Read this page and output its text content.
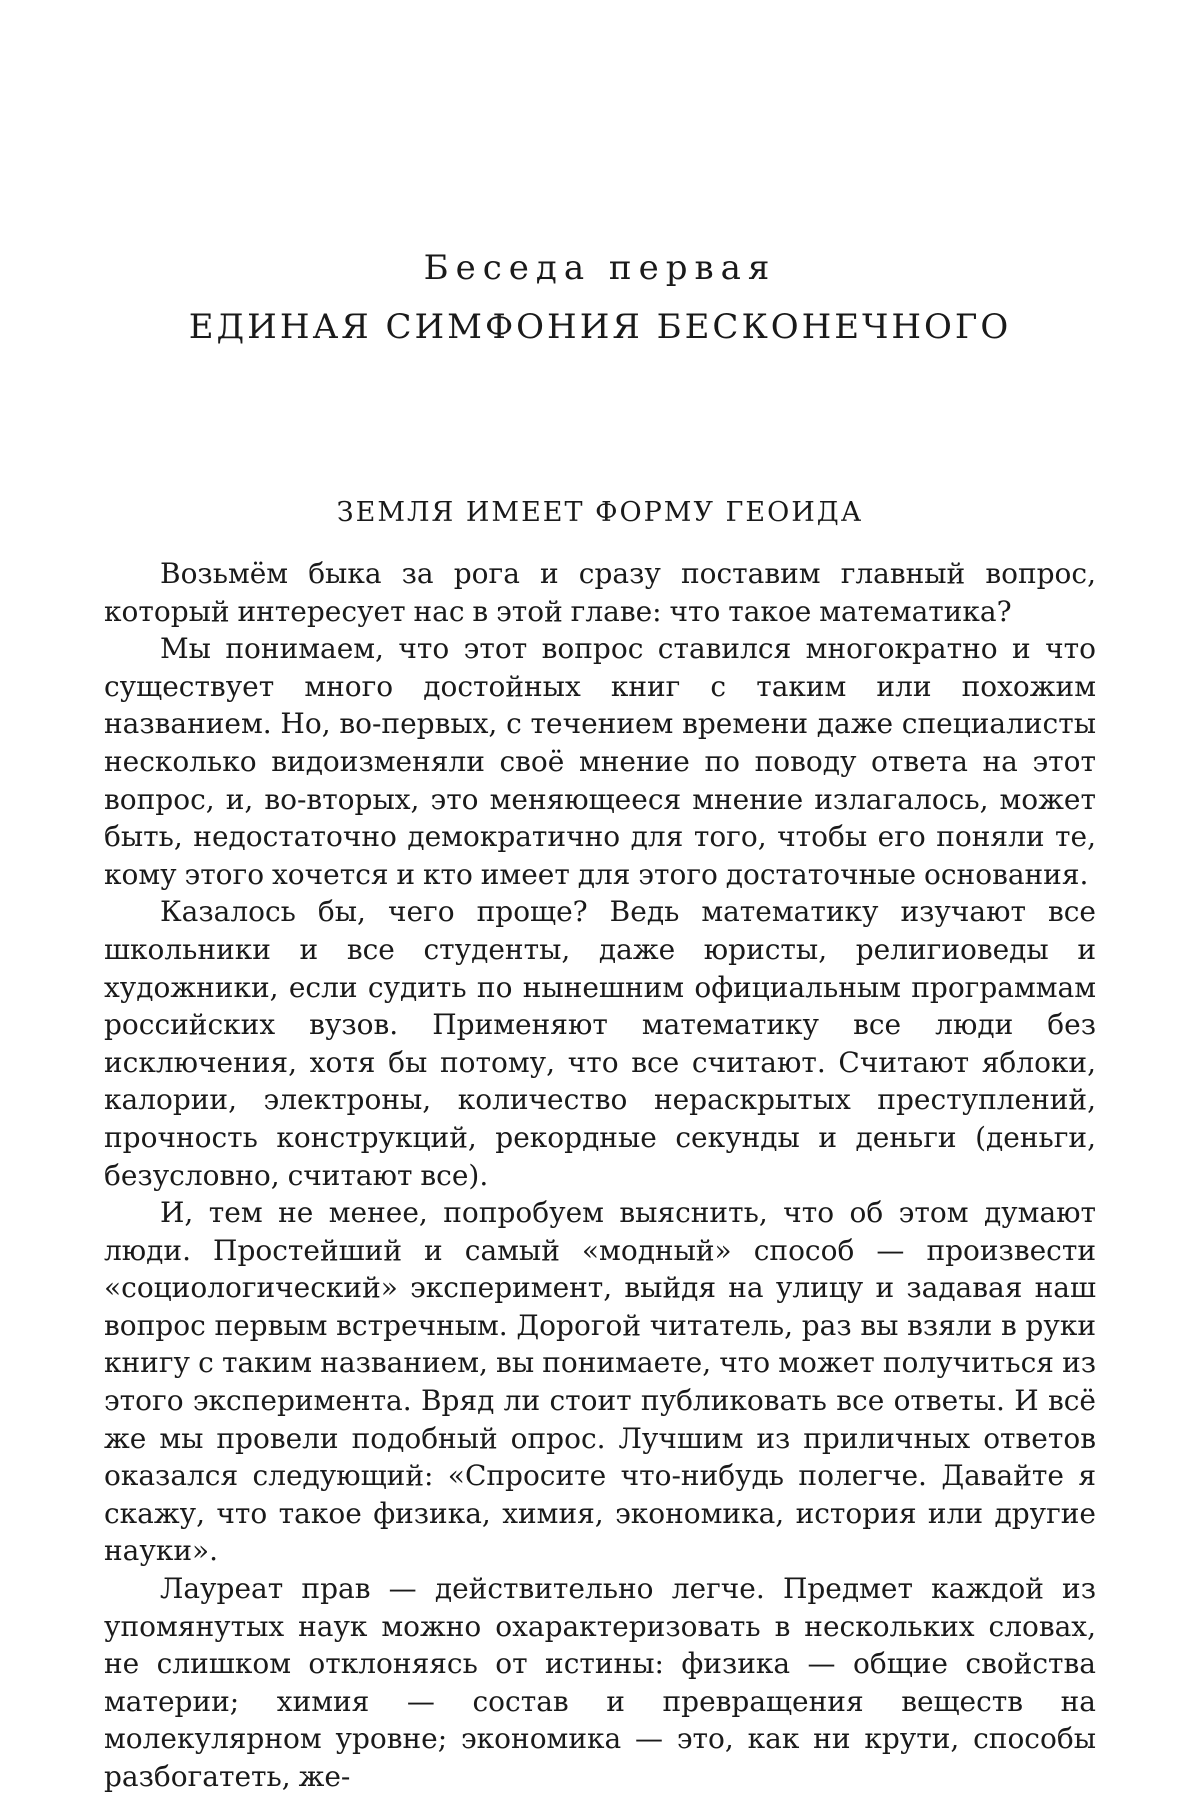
Беседа первая
ЕДИНАЯ СИМФОНИЯ БЕСКОНЕЧНОГО
ЗЕМЛЯ ИМЕЕТ ФОРМУ ГЕОИДА

Возьмём быка за рога и сразу поставим главный вопрос, который интересует нас в этой главе: что такое математика?

Мы понимаем, что этот вопрос ставился многократно и что существует много достойных книг с таким или похожим названием. Но, во-первых, с течением времени даже специалисты несколько видоизменяли своё мнение по поводу ответа на этот вопрос, и, во-вторых, это меняющееся мнение излагалось, может быть, недостаточно демократично для того, чтобы его поняли те, кому этого хочется и кто имеет для этого достаточные основания.

Казалось бы, чего проще? Ведь математику изучают все школьники и все студенты, даже юристы, религиоведы и художники, если судить по нынешним официальным программам российских вузов. Применяют математику все люди без исключения, хотя бы потому, что все считают. Считают яблоки, калории, электроны, количество нераскрытых преступлений, прочность конструкций, рекордные секунды и деньги (деньги, безусловно, считают все).

И, тем не менее, попробуем выяснить, что об этом думают люди. Простейший и самый «модный» способ — произвести «социологический» эксперимент, выйдя на улицу и задавая наш вопрос первым встречным. Дорогой читатель, раз вы взяли в руки книгу с таким названием, вы понимаете, что может получиться из этого эксперимента. Вряд ли стоит публиковать все ответы. И всё же мы провели подобный опрос. Лучшим из приличных ответов оказался следующий: «Спросите что-нибудь полегче. Давайте я скажу, что такое физика, химия, экономика, история или другие науки».

Лауреат прав — действительно легче. Предмет каждой из упомянутых наук можно охарактеризовать в нескольких словах, не слишком отклоняясь от истины: физика — общие свойства материи; химия — состав и превращения веществ на молекулярном уровне; экономика — это, как ни крути, способы разбогатеть, же-
